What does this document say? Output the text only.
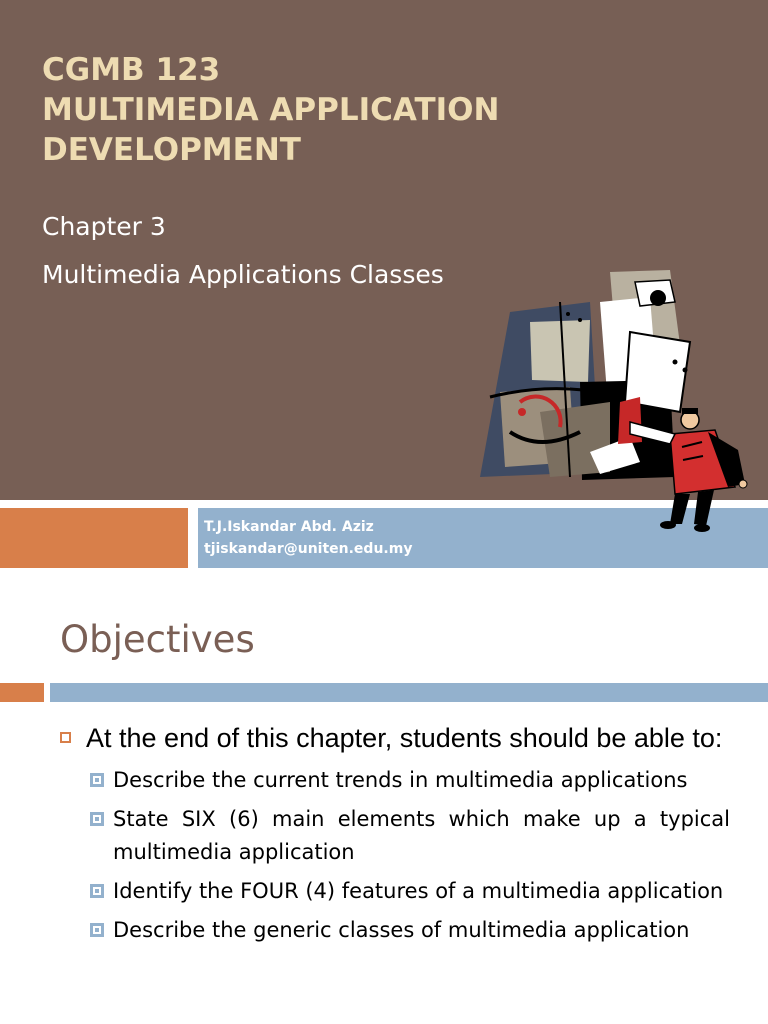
CGMB 123
MULTIMEDIA APPLICATION
DEVELOPMENT
Chapter 3
Multimedia Applications Classes
T.J.Iskandar Abd. Aziz
tjiskandar@uniten.edu.my
Objectives
At the end of this chapter, students should be able to:
Describe the current trends in multimedia applications
State SIX (6) main elements which make up a typical multimedia application
Identify the FOUR (4) features of a multimedia application
Describe the generic classes of multimedia application
